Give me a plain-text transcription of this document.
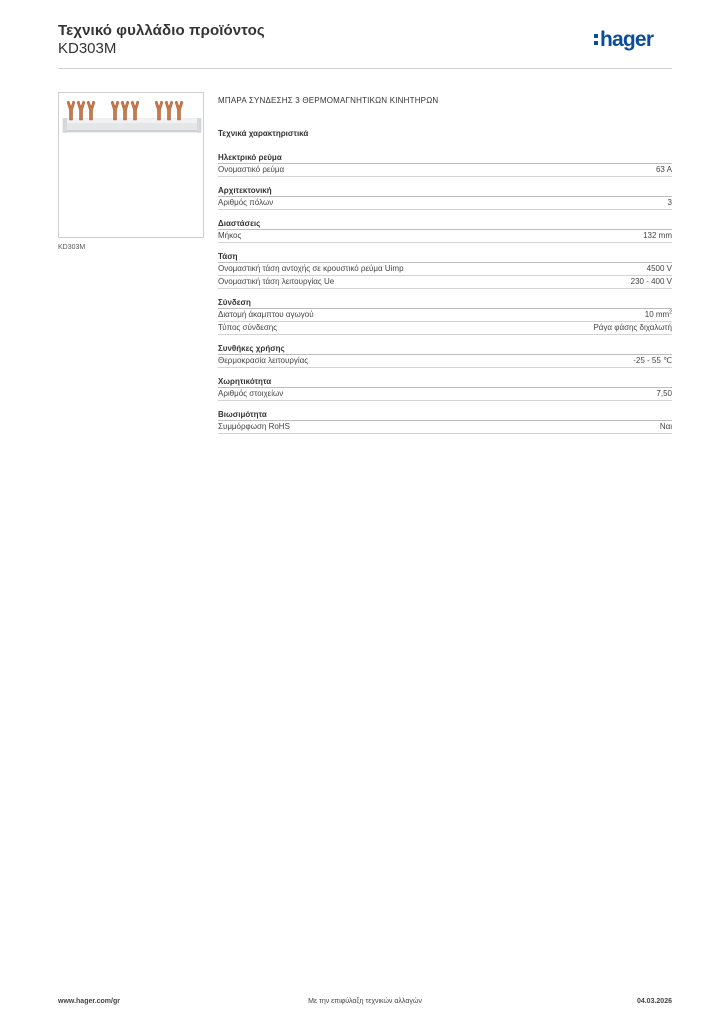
Τεχνικό φυλλάδιο προϊόντος
KD303M	hager
KD303M
ΜΠΑΡΑ ΣΥΝΔΕΣΗΣ 3 ΘΕΡΜΟΜΑΓΝΗΤΙΚΩΝ ΚΙΝΗΤΗΡΩΝ
Τεχνικά χαρακτηριστικά
Ηλεκτρικό ρεύμα
Ονομαστικό ρεύμα	63 A
Αρχιτεκτονική
Αριθμός πόλων	3
Διαστάσεις
Μήκος	132 mm
Τάση
Ονομαστική τάση αντοχής σε κρουστικό ρεύμα Uimp	4500 V
Ονομαστική τάση λειτουργίας Ue	230 - 400 V
Σύνδεση
Διατομή άκαμπτου αγωγού	10 $mm^2$
Τύπος σύνδεσης	Ράγα φάσης διχαλωτή
Συνθήκες χρήσης
Θερμοκρασία λειτουργίας	-25 - 55 ℃
Χωρητικότητα
Αριθμός στοιχείων	7,50
Βιωσιμότητα
Συμμόρφωση RoHS	Ναι
Με την επιφύλαξη τεχνικών αλλαγών
www.hager.com/gr	04.03.2026
